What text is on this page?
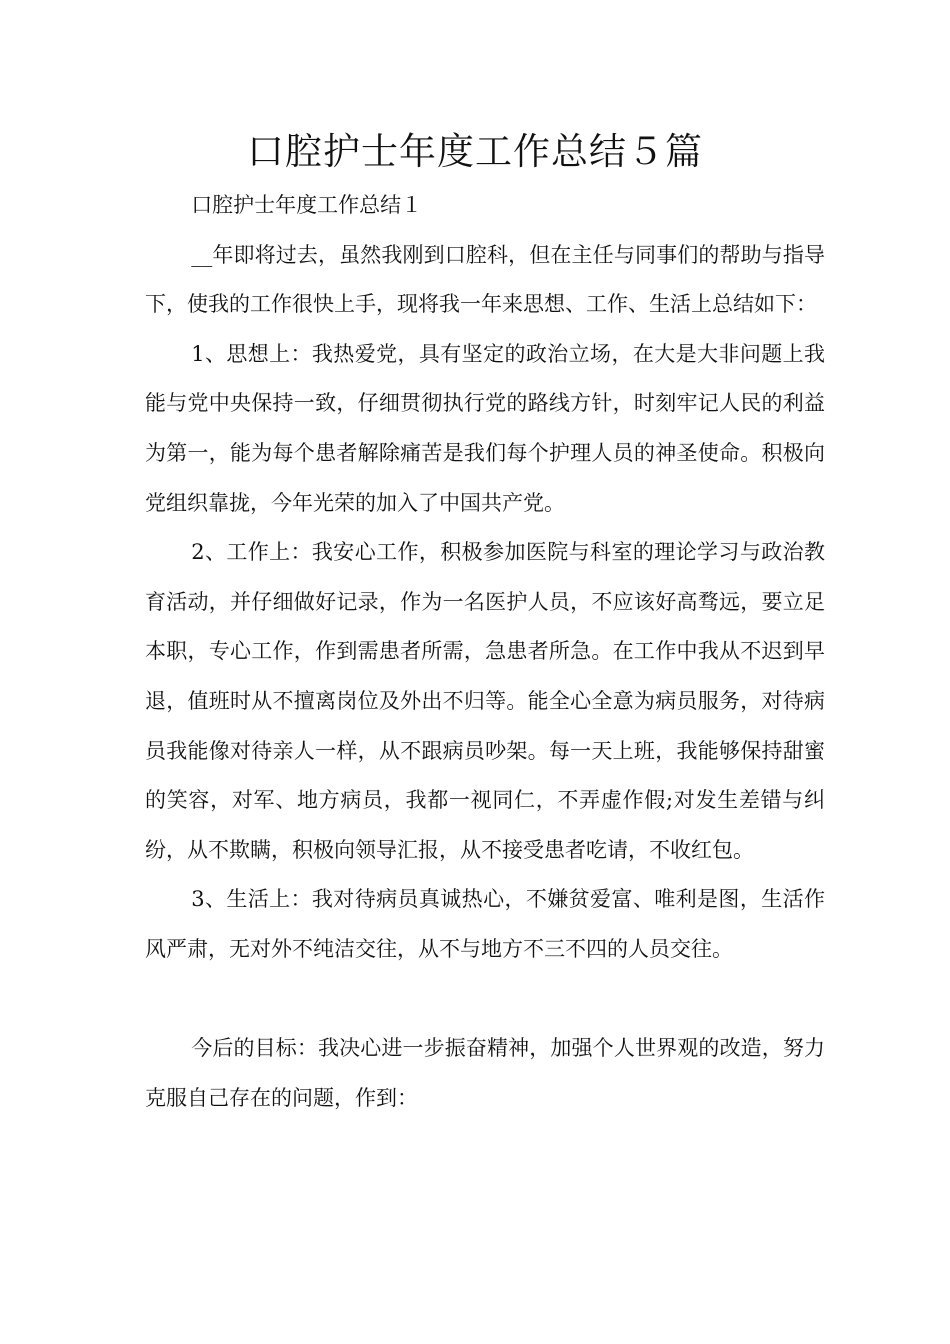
口腔护士年度工作总结５篇

口腔护士年度工作总结１

__年即将过去，虽然我刚到口腔科，但在主任与同事们的帮助与指导下，使我的工作很快上手，现将我一年来思想、工作、生活上总结如下：

1、思想上：我热爱党，具有坚定的政治立场，在大是大非问题上我能与党中央保持一致，仔细贯彻执行党的路线方针，时刻牢记人民的利益为第一，能为每个患者解除痛苦是我们每个护理人员的神圣使命。积极向党组织靠拢，今年光荣的加入了中国共产党。

2、工作上：我安心工作，积极参加医院与科室的理论学习与政治教育活动，并仔细做好记录，作为一名医护人员，不应该好高骛远，要立足本职，专心工作，作到需患者所需，急患者所急。在工作中我从不迟到早退，值班时从不擅离岗位及外出不归等。能全心全意为病员服务，对待病员我能像对待亲人一样，从不跟病员吵架。每一天上班，我能够保持甜蜜的笑容，对军、地方病员，我都一视同仁，不弄虚作假;对发生差错与纠纷，从不欺瞒，积极向领导汇报，从不接受患者吃请，不收红包。

3、生活上：我对待病员真诚热心，不嫌贫爱富、唯利是图，生活作风严肃，无对外不纯洁交往，从不与地方不三不四的人员交往。

今后的目标：我决心进一步振奋精神，加强个人世界观的改造，努力克服自己存在的问题，作到：
